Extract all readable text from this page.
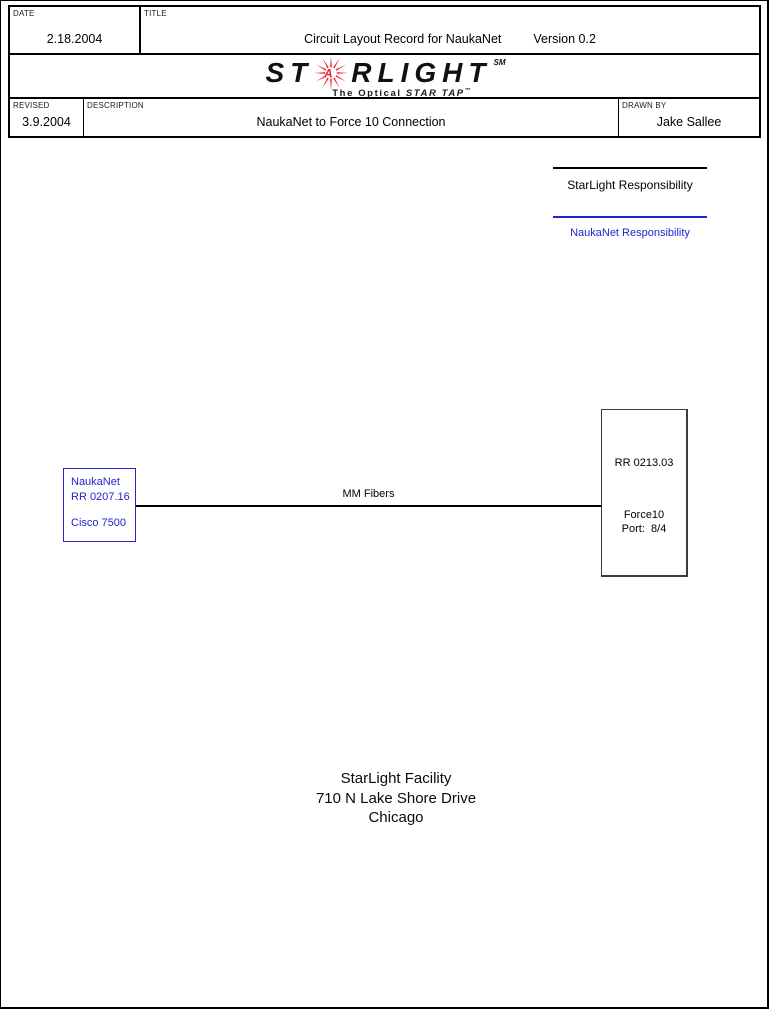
DATE
2.18.2004
TITLE
Circuit Layout Record for NaukaNet	Version 0.2
ST A RLIGHT SM
The Optical STAR TAP™
REVISED
3.9.2004
DESCRIPTION
NaukaNet to Force 10 Connection
DRAWN BY
Jake Sallee
StarLight Responsibility
NaukaNet Responsibility
MM Fibers
NaukaNet
RR 0207.16
Cisco 7500
RR 0213.03
Force10
Port:  8/4
StarLight Facility
710 N Lake Shore Drive
Chicago
